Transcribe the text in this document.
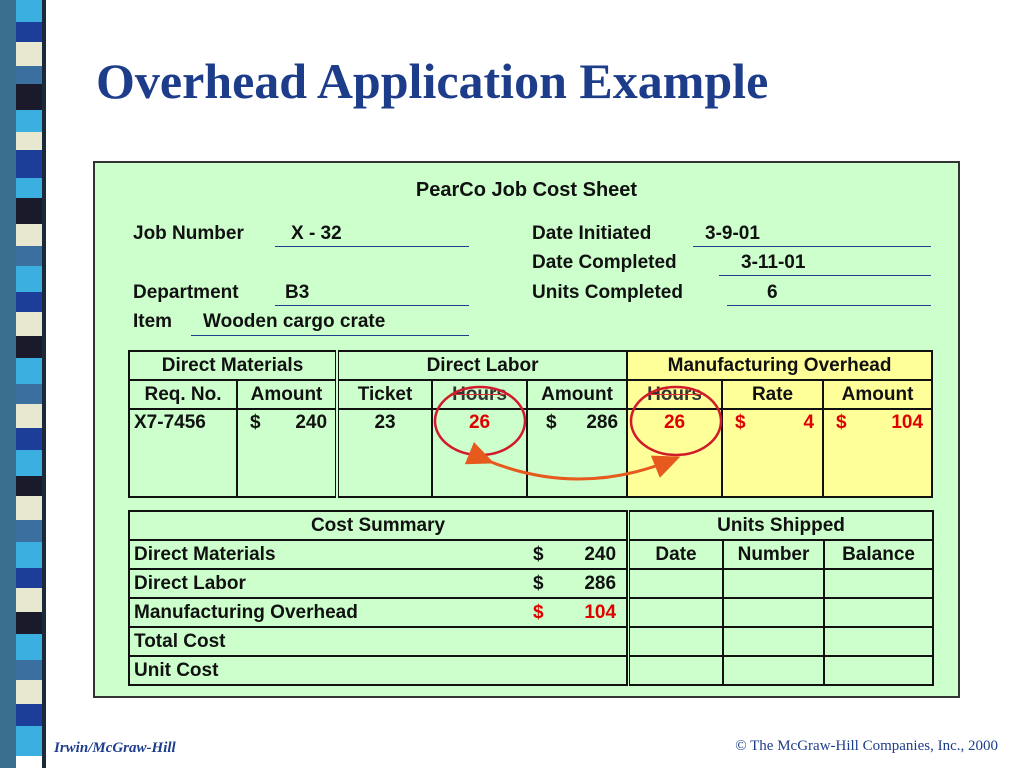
Overhead Application Example
PearCo Job Cost Sheet
Job Number X - 32
Department B3
Item Wooden cargo crate
Date Initiated	3-9-01
Date Completed	3-11-01
Units Completed	6
Direct Materials		Direct Labor			Manufacturing Overhead		
Req. No.	Amount	Ticket	Hours	Amount	Hours	Rate	Amount
X7-7456	$ 240	23	26	$ 286	26	$ 4	$ 104
Cost Summary	
Direct Materials	$ 240

Direct Labor	$ 286

Manufacturing Overhead	$ 104

Total Cost	
Unit Cost	
Units Shipped		
Date	Number	Balance

Irwin/McGraw-Hill	© The McGraw-Hill Companies, Inc., 2000
